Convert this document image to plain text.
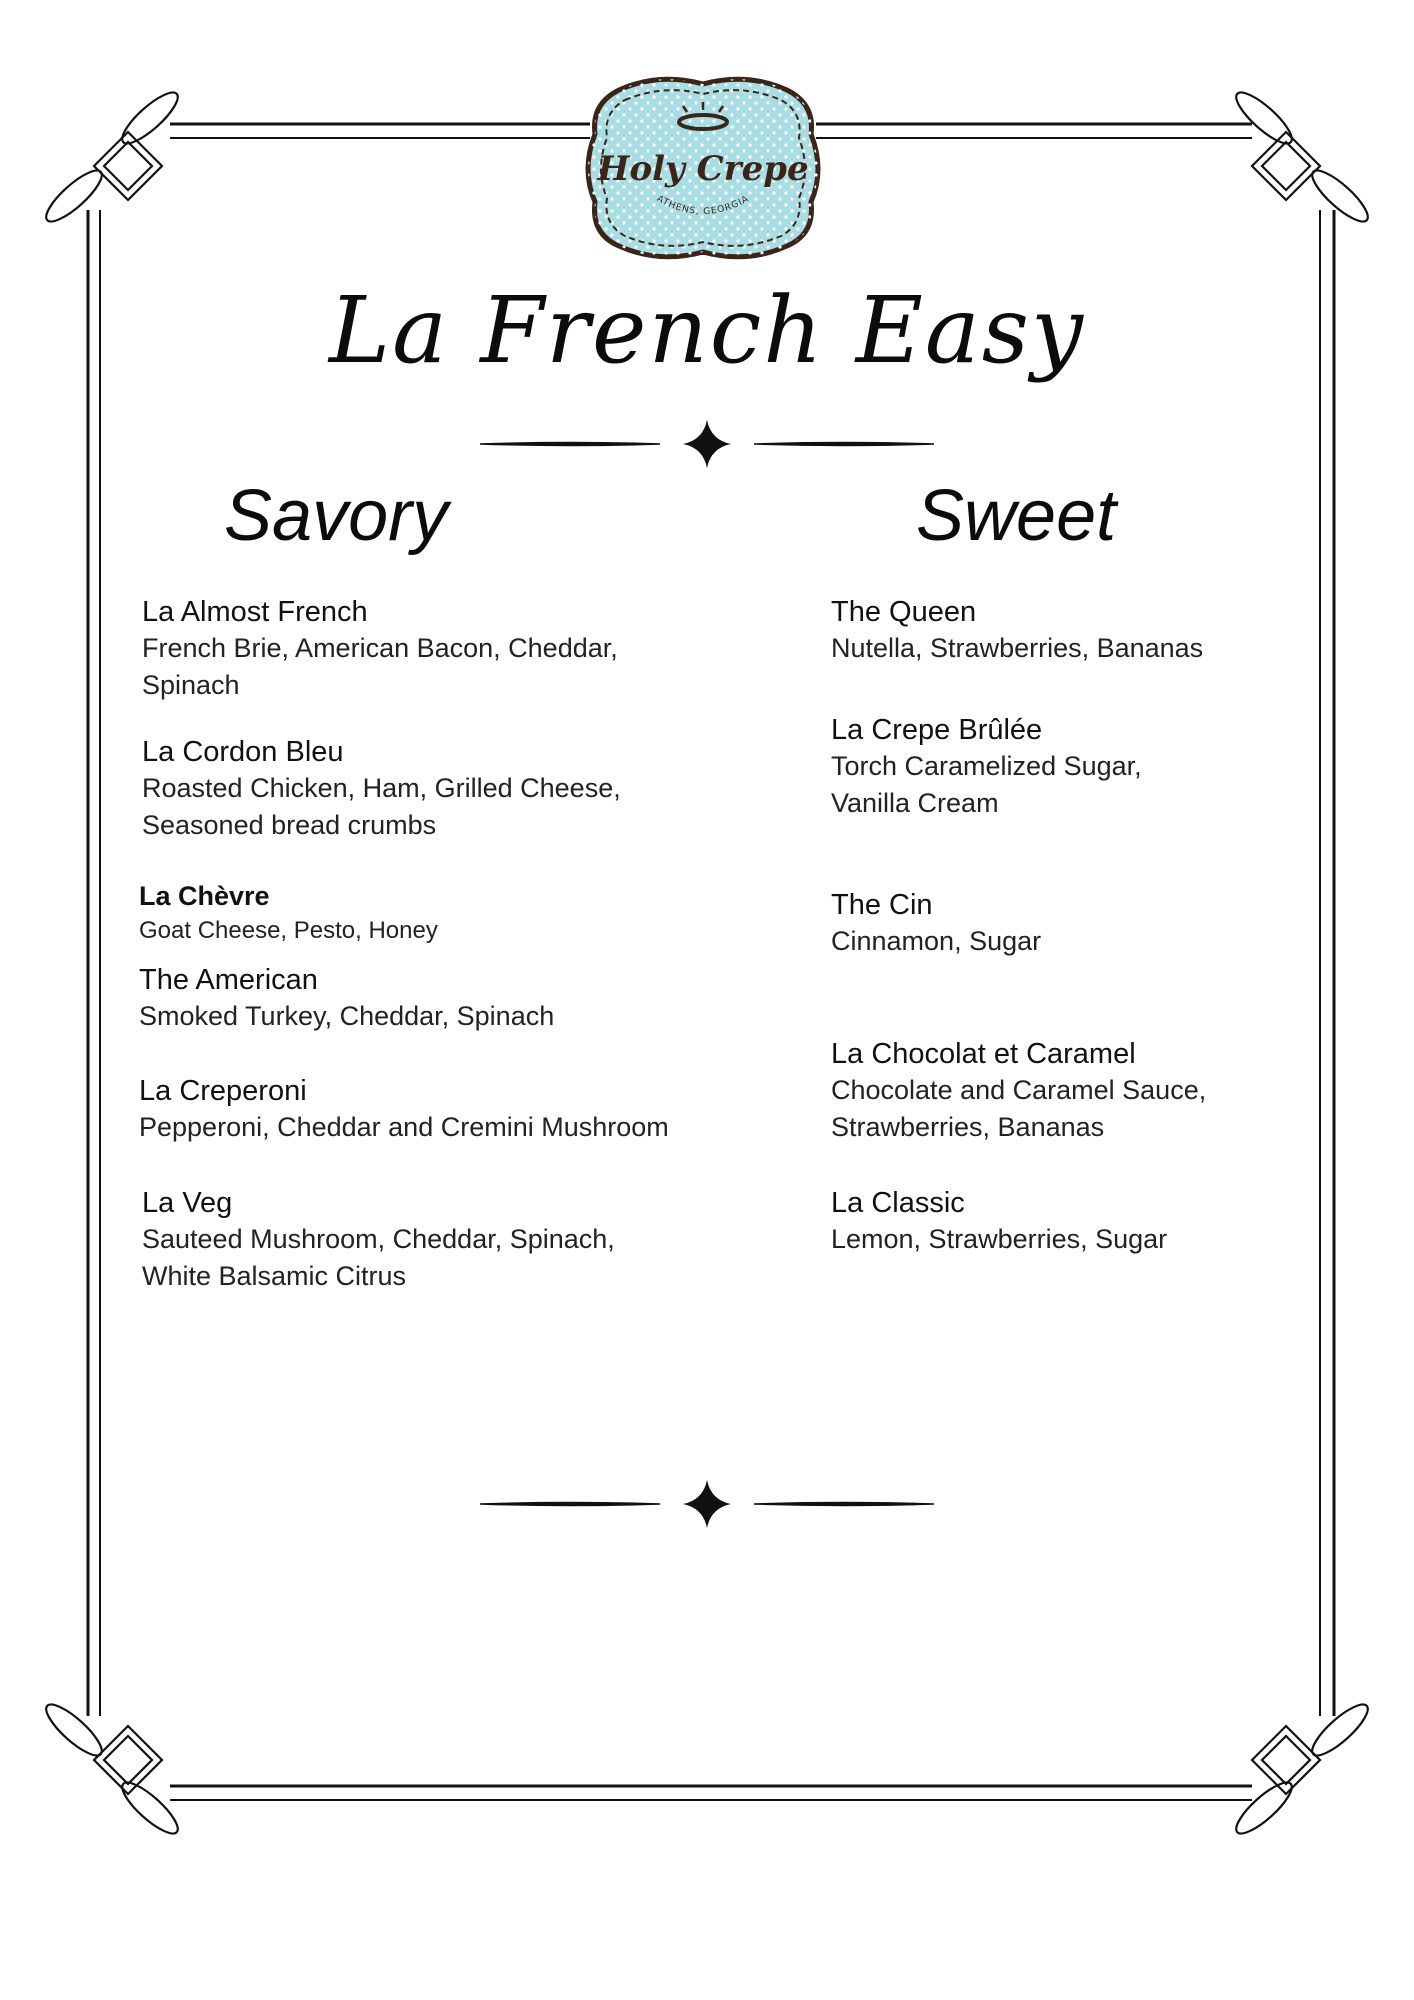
Holy Crepe
ATHENS, GEORGIA
La French Easy
Savory	Sweet
La Almost French
French Brie, American Bacon, Cheddar,
Spinach
La Cordon Bleu
Roasted Chicken, Ham, Grilled Cheese,
Seasoned bread crumbs
La Chèvre
Goat Cheese, Pesto, Honey
The American
Smoked Turkey, Cheddar, Spinach
La Creperoni
Pepperoni, Cheddar and Cremini Mushroom
La Veg
Sauteed Mushroom, Cheddar, Spinach,
White Balsamic Citrus
The Queen
Nutella, Strawberries, Bananas
La Crepe Brûlée
Torch Caramelized Sugar,
Vanilla Cream
The Cin
Cinnamon, Sugar
La Chocolat et Caramel
Chocolate and Caramel Sauce,
Strawberries, Bananas
La Classic
Lemon, Strawberries, Sugar
